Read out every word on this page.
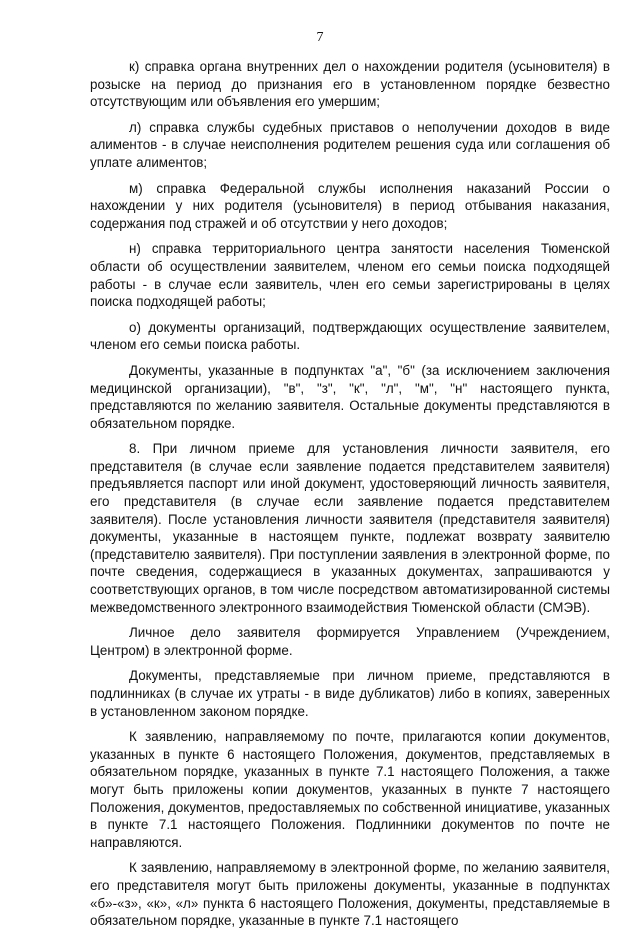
7

к) справка органа внутренних дел о нахождении родителя (усыновителя) в розыске на период до признания его в установленном порядке безвестно отсутствующим или объявления его умершим;

л) справка службы судебных приставов о неполучении доходов в виде алиментов - в случае неисполнения родителем решения суда или соглашения об уплате алиментов;

м) справка Федеральной службы исполнения наказаний России о нахождении у них родителя (усыновителя) в период отбывания наказания, содержания под стражей и об отсутствии у него доходов;

н) справка территориального центра занятости населения Тюменской области об осуществлении заявителем, членом его семьи поиска подходящей работы - в случае если заявитель, член его семьи зарегистрированы в целях поиска подходящей работы;

о) документы организаций, подтверждающих осуществление заявителем, членом его семьи поиска работы.

Документы, указанные в подпунктах "а", "б" (за исключением заключения медицинской организации), "в", "з", "к", "л", "м", "н" настоящего пункта, представляются по желанию заявителя. Остальные документы представляются в обязательном порядке.

8. При личном приеме для установления личности заявителя, его представителя (в случае если заявление подается представителем заявителя) предъявляется паспорт или иной документ, удостоверяющий личность заявителя, его представителя (в случае если заявление подается представителем заявителя). После установления личности заявителя (представителя заявителя) документы, указанные в настоящем пункте, подлежат возврату заявителю (представителю заявителя). При поступлении заявления в электронной форме, по почте сведения, содержащиеся в указанных документах, запрашиваются у соответствующих органов, в том числе посредством автоматизированной системы межведомственного электронного взаимодействия Тюменской области (СМЭВ).

Личное дело заявителя формируется Управлением (Учреждением, Центром) в электронной форме.

Документы, представляемые при личном приеме, представляются в подлинниках (в случае их утраты - в виде дубликатов) либо в копиях, заверенных в установленном законом порядке.

К заявлению, направляемому по почте, прилагаются копии документов, указанных в пункте 6 настоящего Положения, документов, представляемых в обязательном порядке, указанных в пункте 7.1 настоящего Положения, а также могут быть приложены копии документов, указанных в пункте 7 настоящего Положения, документов, предоставляемых по собственной инициативе, указанных в пункте 7.1 настоящего Положения. Подлинники документов по почте не направляются.

К заявлению, направляемому в электронной форме, по желанию заявителя, его представителя могут быть приложены документы, указанные в подпунктах «б»-«з», «к», «л» пункта 6 настоящего Положения, документы, представляемые в обязательном порядке, указанные в пункте 7.1 настоящего
